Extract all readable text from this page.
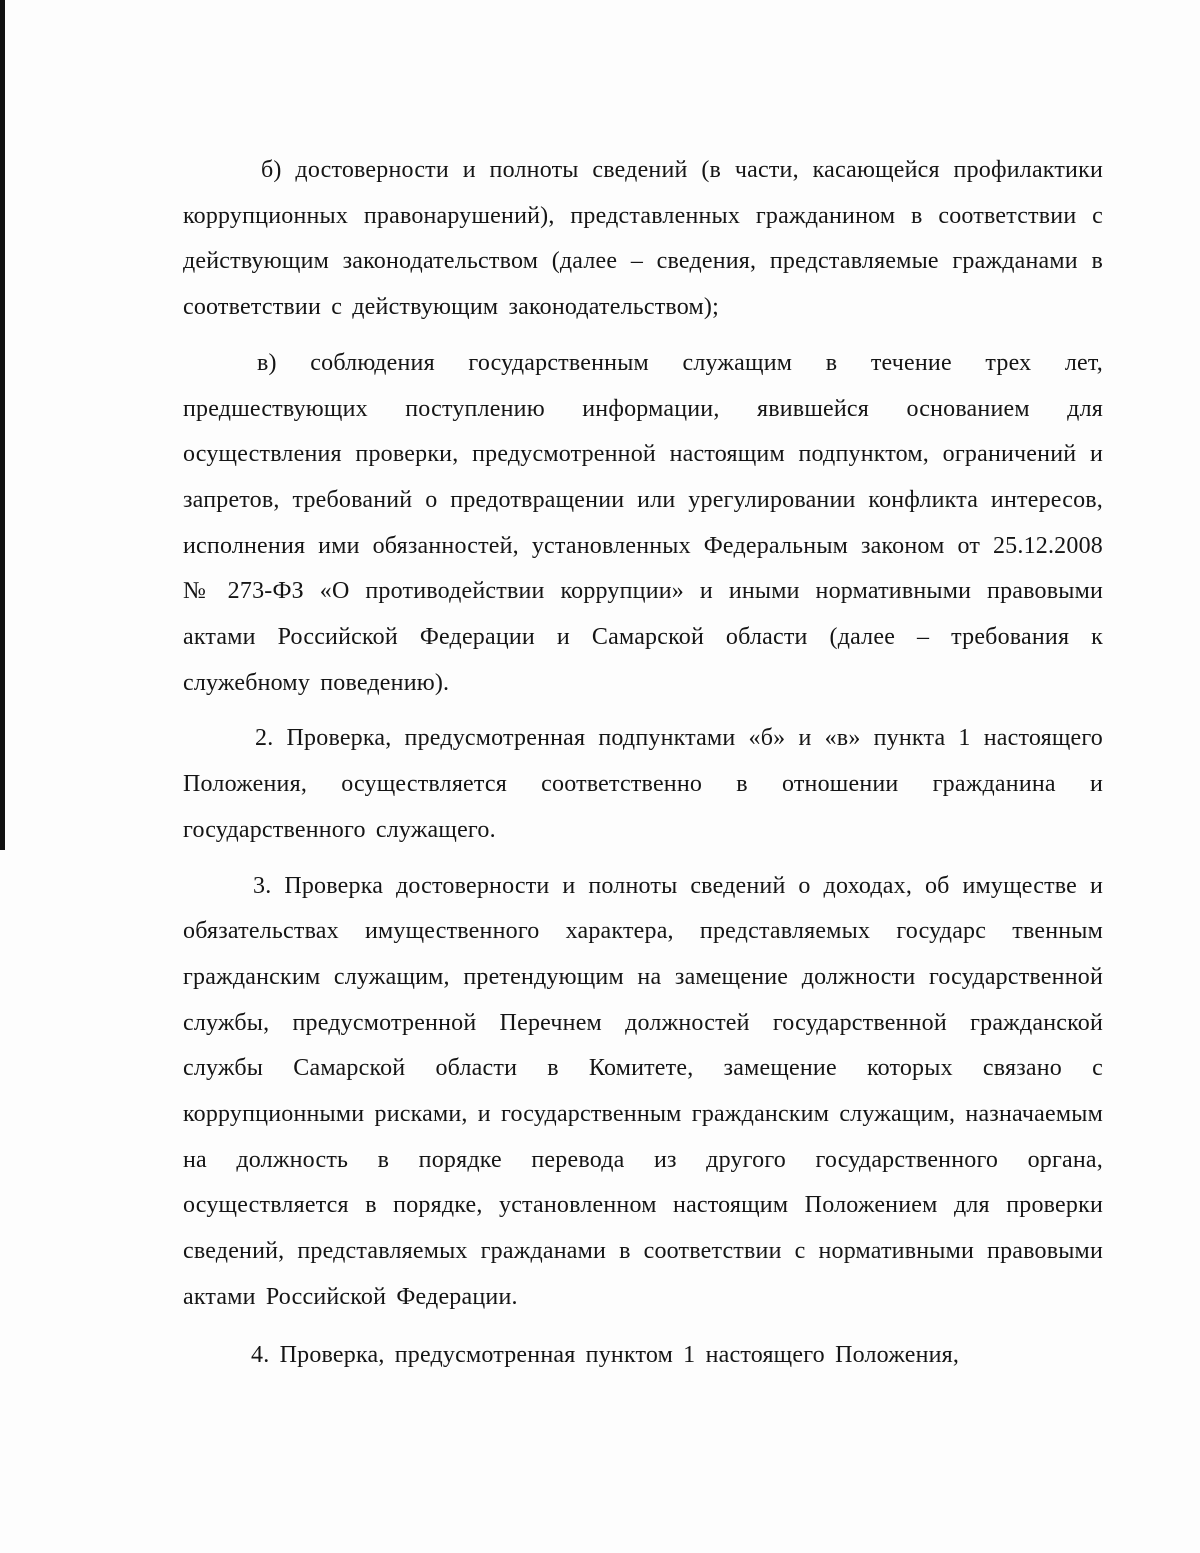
б) достоверности и полноты сведений (в части, касающейся профилактики коррупционных правонарушений), представленных гражданином в соответствии с действующим законодательством (далее – сведения, представляемые гражданами в соответствии с действующим законодательством);

в) соблюдения государственным служащим в течение трех лет, предшествующих поступлению информации, явившейся основанием для осуществления проверки, предусмотренной настоящим подпунктом, ограничений и запретов, требований о предотвращении или урегулировании конфликта интересов, исполнения ими обязанностей, установленных Федеральным законом от 25.12.2008 № 273-ФЗ «О противодействии коррупции» и иными нормативными правовыми актами Российской Федерации и Самарской области (далее – требования к служебному поведению).

2. Проверка, предусмотренная подпунктами «б» и «в» пункта 1 настоящего Положения, осуществляется соответственно в отношении гражданина и государственного служащего.

3. Проверка достоверности и полноты сведений о доходах, об имуществе и обязательствах имущественного характера, представляемых государс твенным гражданским служащим, претендующим на замещение должности государственной службы, предусмотренной Перечнем должностей государственной гражданской службы Самарской области в Комитете, замещение которых связано с коррупционными рисками, и государственным гражданским служащим, назначаемым на должность в порядке перевода из другого государственного органа, осуществляется в порядке, установленном настоящим Положением для проверки сведений, представляемых гражданами в соответствии с нормативными правовыми актами Российской Федерации.

4. Проверка, предусмотренная пунктом 1 настоящего Положения,
